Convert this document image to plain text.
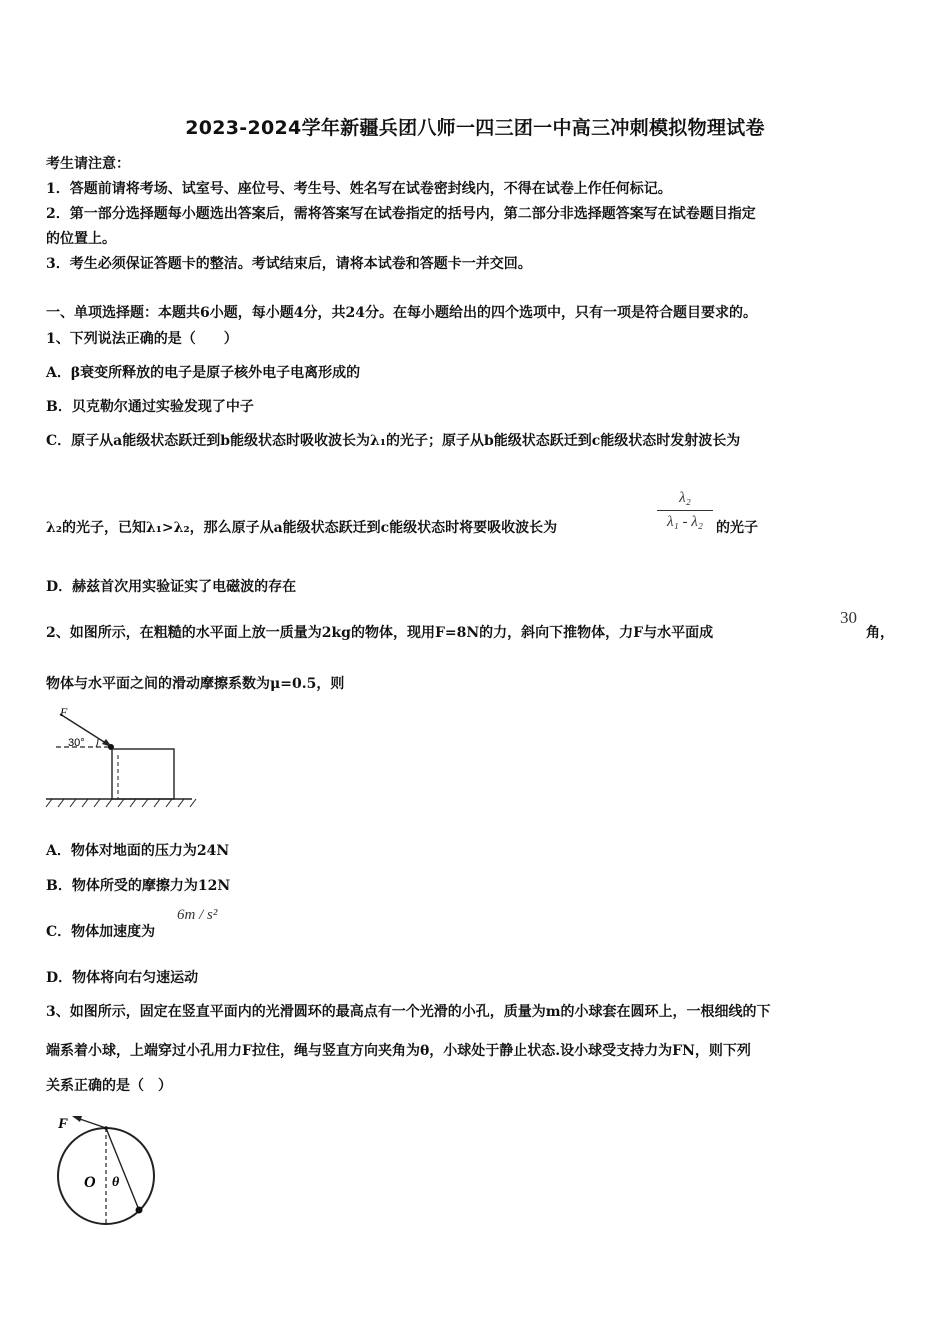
2023-2024学年新疆兵团八师一四三团一中高三冲刺模拟物理试卷
考生请注意：
1．答题前请将考场、试室号、座位号、考生号、姓名写在试卷密封线内，不得在试卷上作任何标记。
2．第一部分选择题每小题选出答案后，需将答案写在试卷指定的括号内，第二部分非选择题答案写在试卷题目指定
的位置上。
3．考生必须保证答题卡的整洁。考试结束后，请将本试卷和答题卡一并交回。
一、单项选择题：本题共6小题，每小题4分，共24分。在每小题给出的四个选项中，只有一项是符合题目要求的。
1、下列说法正确的是（　　）
A．β衰变所释放的电子是原子核外电子电离形成的
B．贝克勒尔通过实验发现了中子
C．原子从a能级状态跃迁到b能级状态时吸收波长为λ₁的光子；原子从b能级状态跃迁到c能级状态时发射波长为
λ₂的光子，已知λ₁>λ₂，那么原子从a能级状态跃迁到c能级状态时将要吸收波长为	$\frac{\text{λ₂}}{\text{λ₁ - λ₂}}$ 的光子
D．赫兹首次用实验证实了电磁波的存在
2、如图所示，在粗糙的水平面上放一质量为2kg的物体，现用F=8N的力，斜向下推物体，力F与水平面成
30
角，
物体与水平面之间的滑动摩擦系数为μ=0.5，则
F
30°
A．物体对地面的压力为24N
B．物体所受的摩擦力为12N
C．物体加速度为
6m / s²
D．物体将向右匀速运动
3、如图所示，固定在竖直平面内的光滑圆环的最高点有一个光滑的小孔，质量为m的小球套在圆环上，一根细线的下
端系着小球，上端穿过小孔用力F拉住，绳与竖直方向夹角为θ，小球处于静止状态.设小球受支持力为FN，则下列
关系正确的是（　）
F
O θ
